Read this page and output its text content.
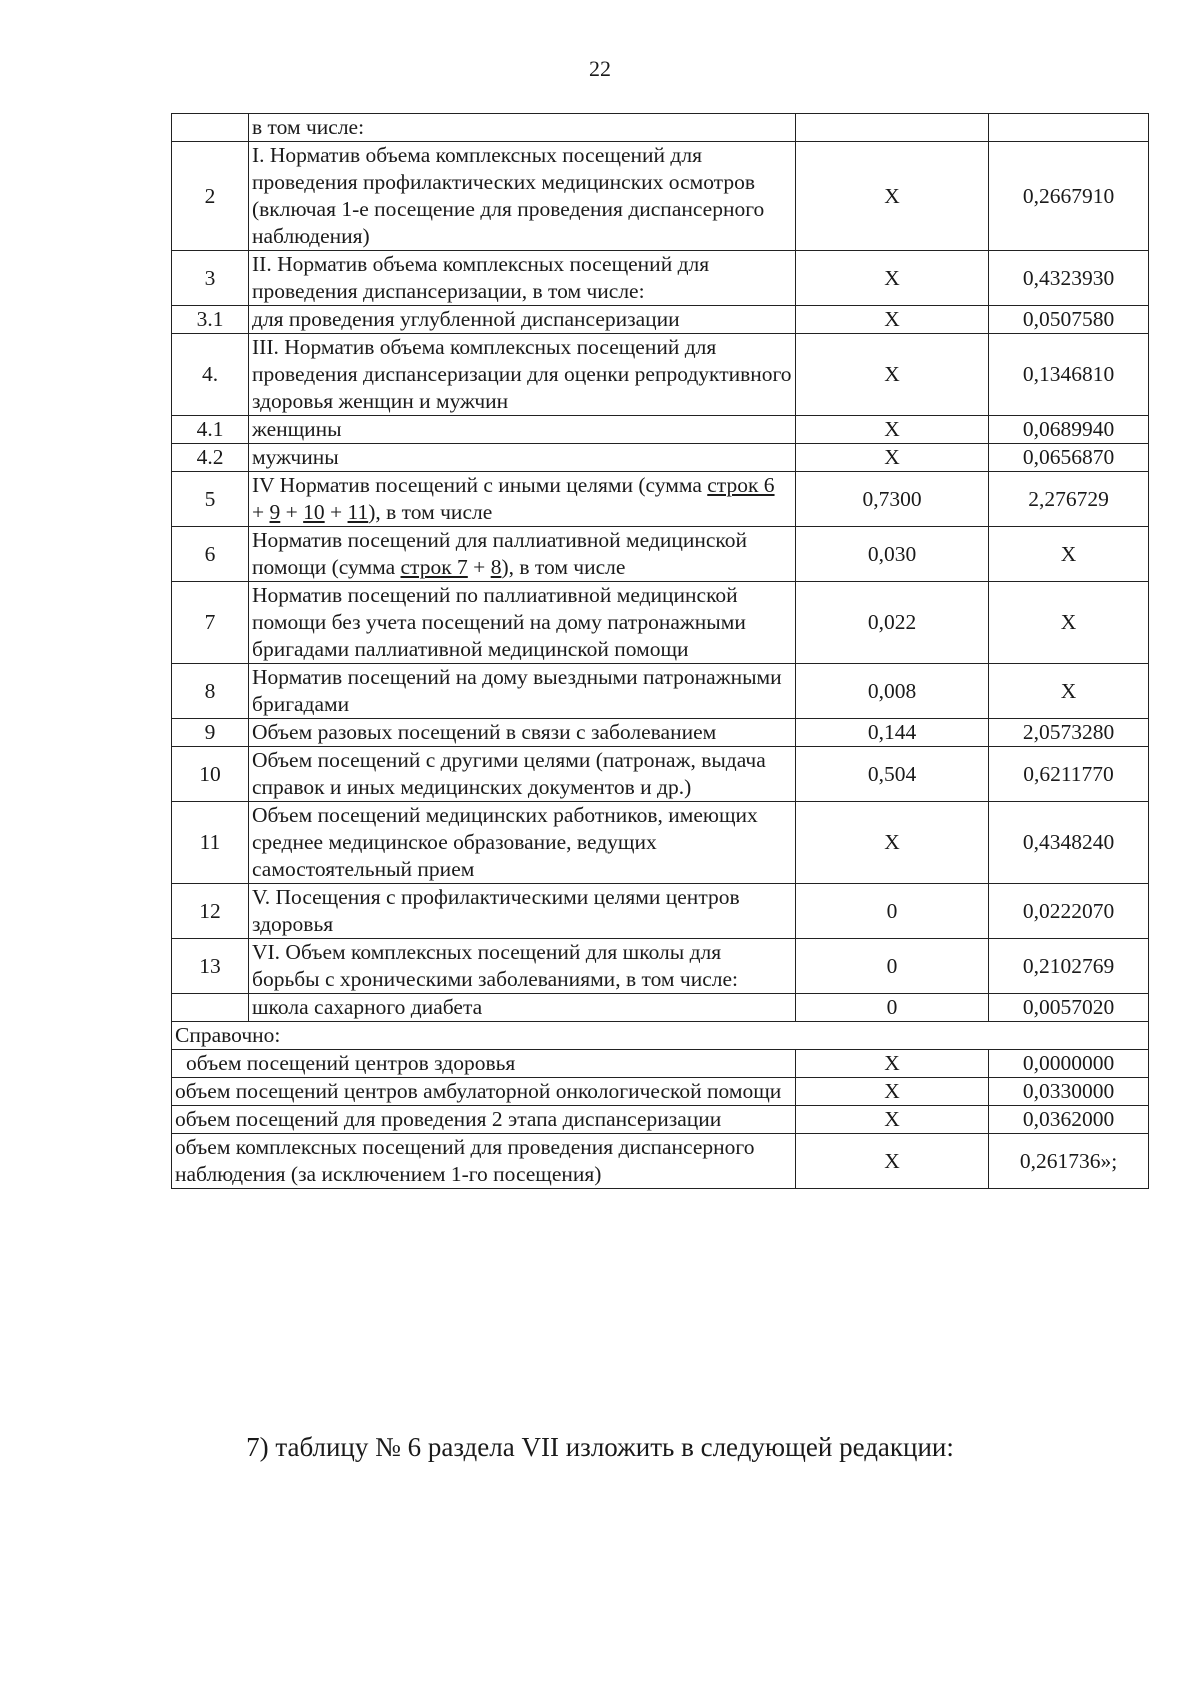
22
	в том числе:		
2	I. Норматив объема комплексных посещений для проведения профилактических медицинских осмотров (включая 1-е посещение для проведения диспансерного наблюдения)	X	0,2667910
3	II. Норматив объема комплексных посещений для проведения диспансеризации, в том числе:	X	0,4323930
3.1	для проведения углубленной диспансеризации	X	0,0507580
4.	III. Норматив объема комплексных посещений для проведения диспансеризации для оценки репродуктивного здоровья женщин и мужчин	X	0,1346810
4.1	женщины	X	0,0689940
4.2	мужчины	X	0,0656870
5	IV Норматив посещений с иными целями (сумма строк 6 + 9 + 10 + 11), в том числе	0,7300	2,276729
6	Норматив посещений для паллиативной медицинской помощи (сумма строк 7 + 8), в том числе	0,030	X
7	Норматив посещений по паллиативной медицинской помощи без учета посещений на дому патронажными бригадами паллиативной медицинской помощи	0,022	X
8	Норматив посещений на дому выездными патронажными бригадами	0,008	X
9	Объем разовых посещений в связи с заболеванием	0,144	2,0573280
10	Объем посещений с другими целями (патронаж, выдача справок и иных медицинских документов и др.)	0,504	0,6211770
11	Объем посещений медицинских работников, имеющих среднее медицинское образование, ведущих самостоятельный прием	X	0,4348240
12	V. Посещения с профилактическими целями центров здоровья	0	0,0222070
13	VI. Объем комплексных посещений для школы для борьбы с хроническими заболеваниями, в том числе:	0	0,2102769
	школа сахарного диабета	0	0,0057020
Справочно:			
объем посещений центров здоровья		X	0,0000000
объем посещений центров амбулаторной онкологической помощи		X	0,0330000
объем посещений для проведения 2 этапа диспансеризации		X	0,0362000
объем комплексных посещений для проведения диспансерного наблюдения (за исключением 1-го посещения)		X	0,261736»;
7) таблицу № 6 раздела VII изложить в следующей редакции:
